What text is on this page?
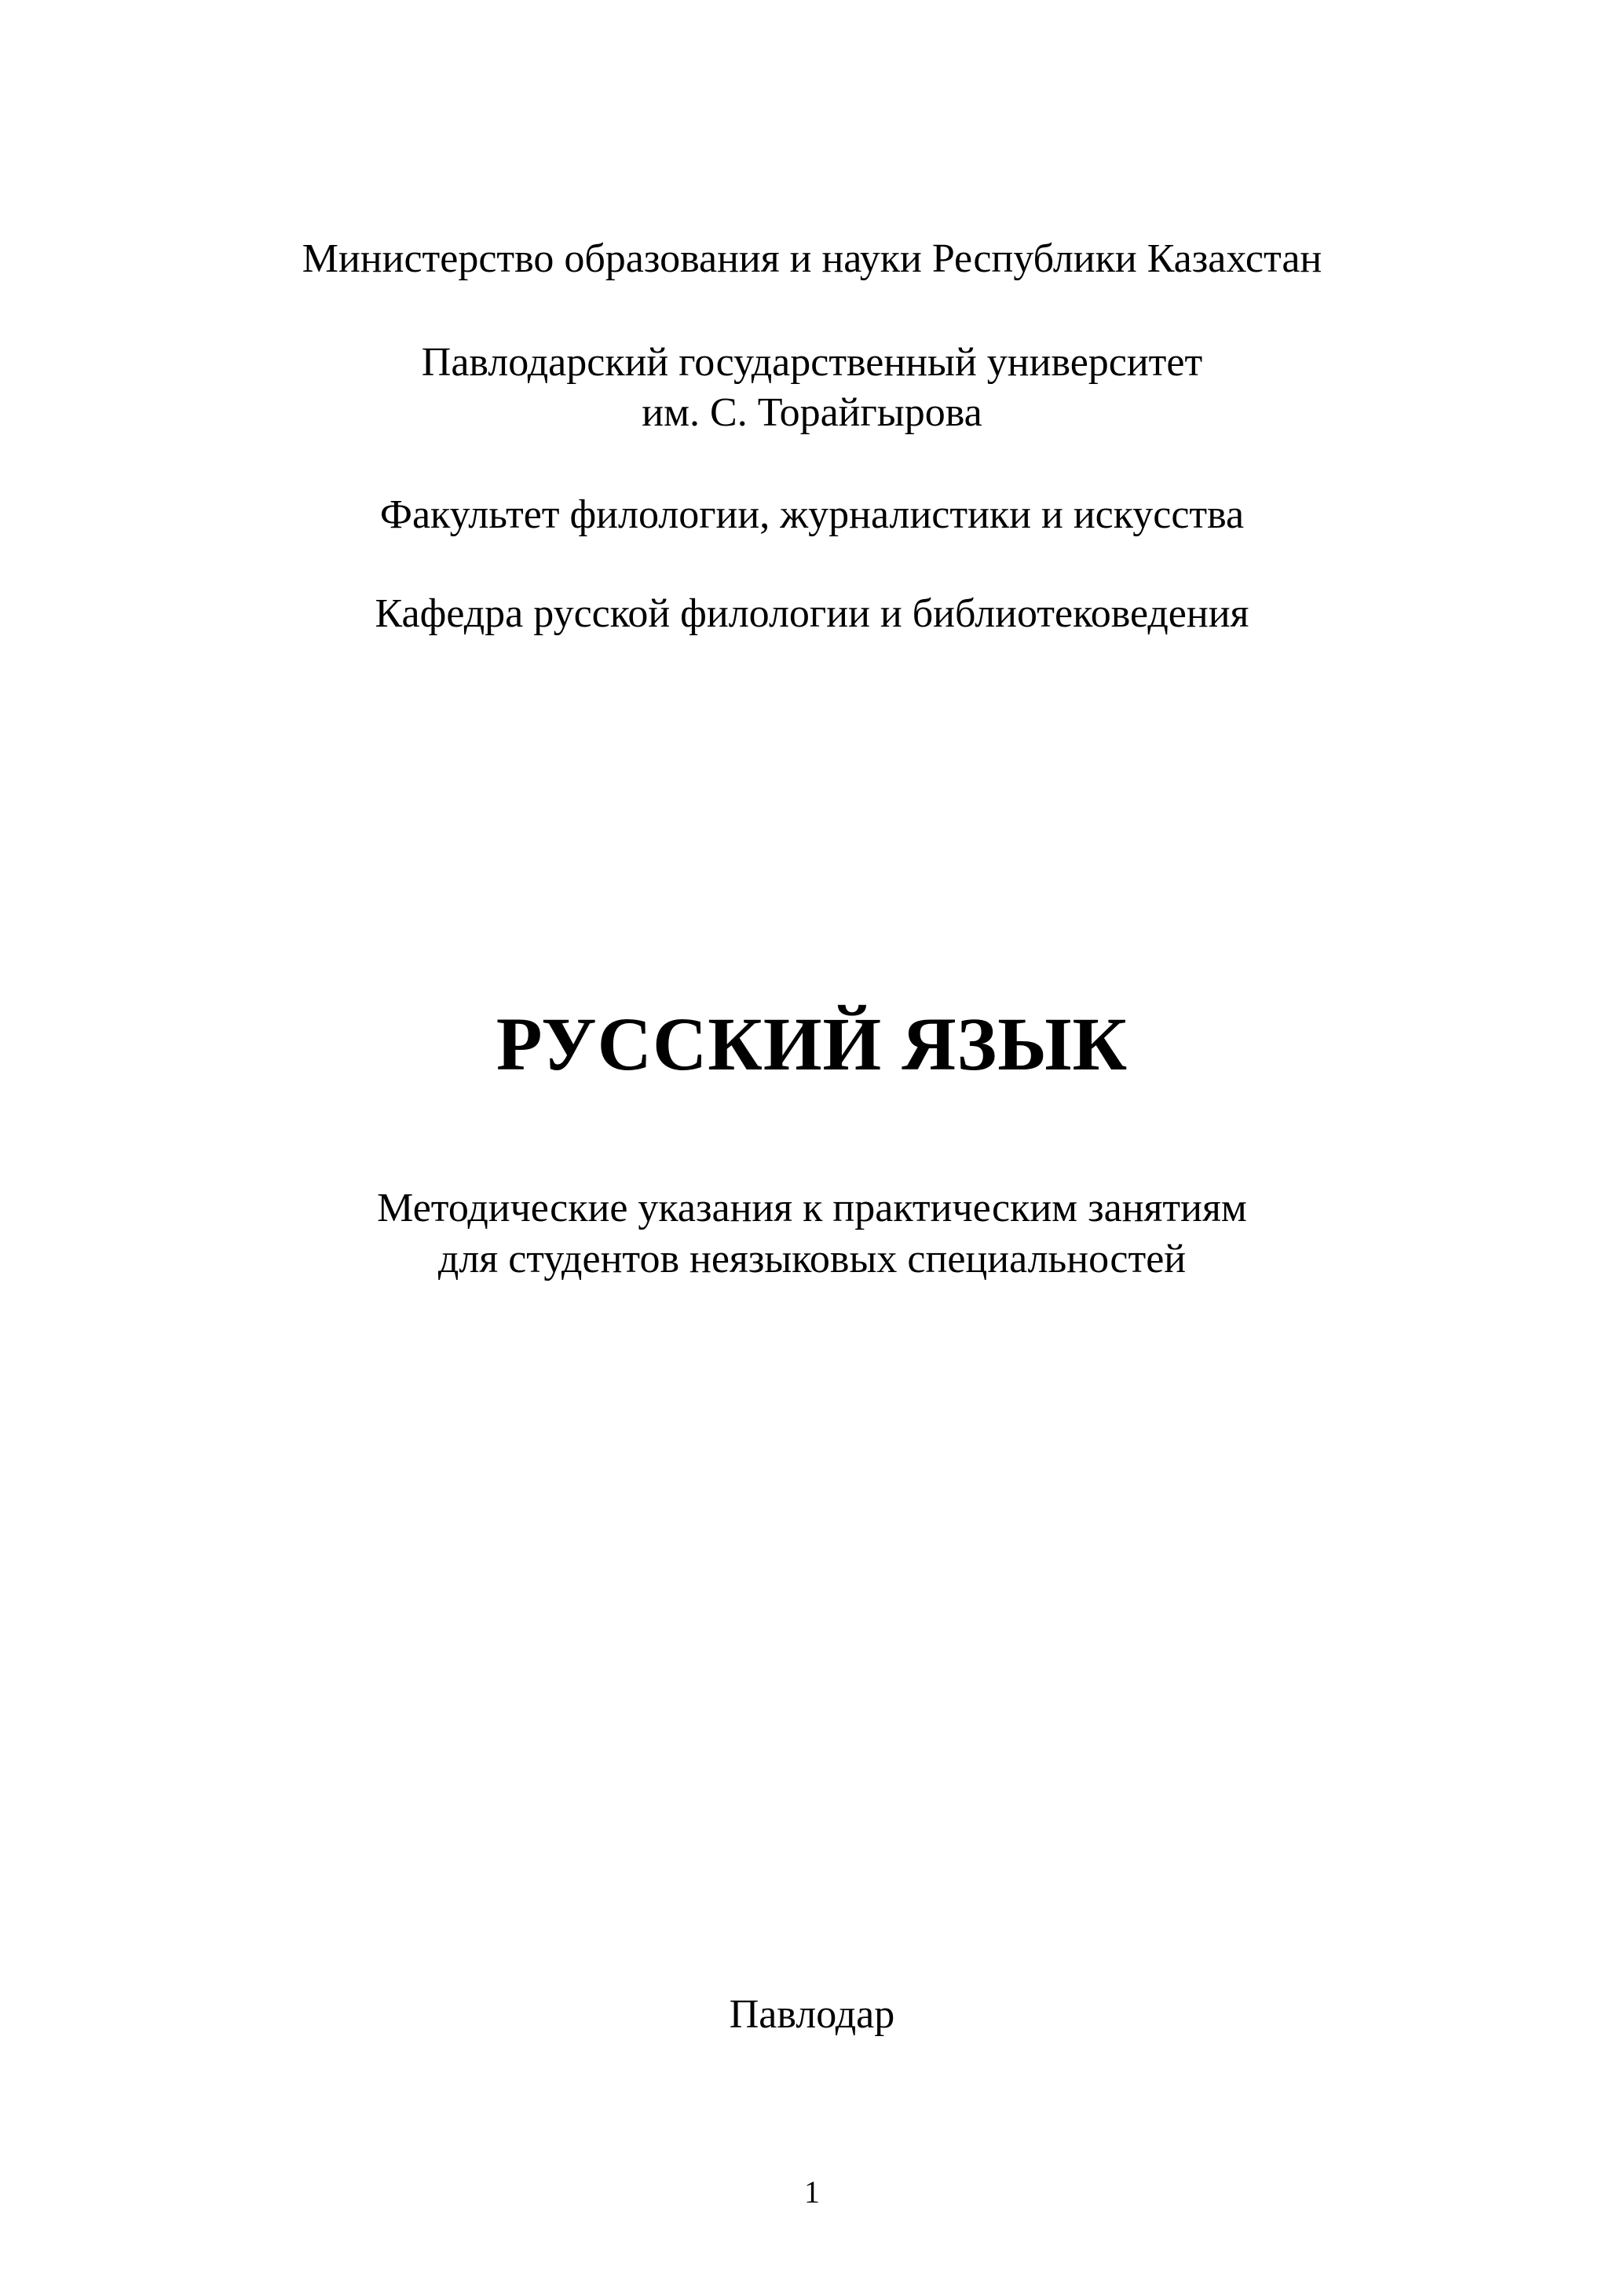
Министерство образования и науки Республики Казахстан
Павлодарский государственный университет
им. С. Торайгырова
Факультет филологии, журналистики и искусства
Кафедра русской филологии и библиотековедения
РУССКИЙ ЯЗЫК
Методические указания к практическим занятиям
для студентов неязыковых специальностей
Павлодар
1
